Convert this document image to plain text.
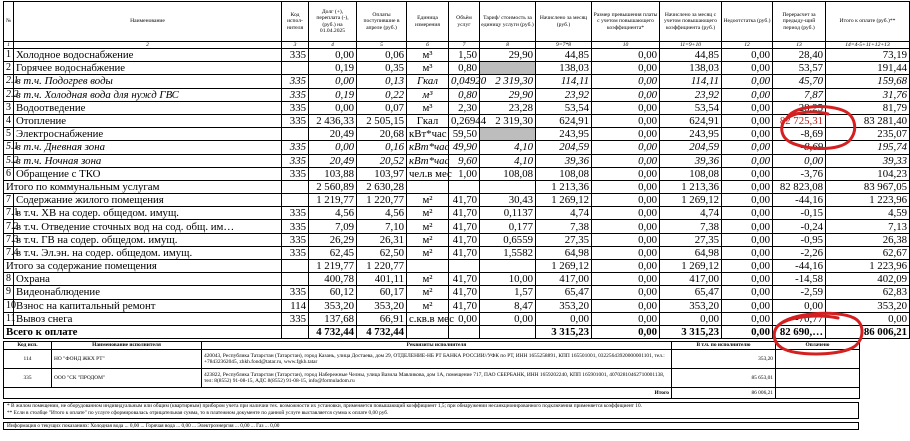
№	Наименование	Код испол-нителя	Долг (+), переплата (-), (руб.) на 01.04.2025	Оплаты поступившие в апреле (руб.)	Единица измерения	Объём услуг	Тариф/ стоимость за единицу услуги (руб.)	Начислено за месяц (руб.)	Размер превышения платы с учетом повышающего коэффициента*	Начислено за месяц с учетом повышающего коэффициента (руб.)	Недоотстатка (руб.)	Перерасчет за предыду-щий период (руб.)	Итого к оплате (руб.)**
1	2	3	4	5	6	7	8	9=7*8	10	11=9+10	12	13	14=4-5+11+12+13
1	Холодное водоснабжение	335	0,00	0,06	м³	1,50	29,90	44,85	0,00	44,85	0,00	28,40	73,19
2	Горячее водоснабжение		0,19	0,35	м³	0,80		138,03	0,00	138,03	0,00	53,57	191,44
2.1	в т.ч. Подогрев воды	335	0,00	0,13	Гкал	0,04920	2 319,30	114,11	0,00	114,11	0,00	45,70	159,68
2.2	в т.ч. Холодная вода для нужд ГВС	335	0,19	0,22	м³	0,80	29,90	23,92	0,00	23,92	0,00	7,87	31,76
3	Водоотведение	335	0,00	0,07	м³	2,30	23,28	53,54	0,00	53,54	0,00	28,25	81,79
4	Отопление	335	2 436,33	2 505,15	Гкал	0,26944	2 319,30	624,91	0,00	624,91	0,00	82 725,31	83 281,40
5	Электроснабжение		20,49	20,68	кВт*час	59,50		243,95	0,00	243,95	0,00	-8,69	235,07
5.1	в т.ч. Дневная зона	335	0,00	0,16	кВт*час	49,90	4,10	204,59	0,00	204,59	0,00	-8,69	195,74
5.2	в т.ч. Ночная зона	335	20,49	20,52	кВт*час	9,60	4,10	39,36	0,00	39,36	0,00	0,00	39,33
6	Обращение с ТКО	335	103,88	103,97	чел.в мес	1,00	108,08	108,08	0,00	108,08	0,00	-3,76	104,23
Итого по коммунальным услугам			2 560,89	2 630,28				1 213,36	0,00	1 213,36	0,00	82 823,08	83 967,05
7	Содержание жилого помещения		1 219,77	1 220,77	м²	41,70	30,43	1 269,12	0,00	1 269,12	0,00	-44,16	1 223,96
7.1	в т.ч. ХВ на содер. общедом. имущ.	335	4,56	4,56	м²	41,70	0,1137	4,74	0,00	4,74	0,00	-0,15	4,59
7.2	в т.ч. Отведение сточных вод на сод. общ. им…	335	7,09	7,10	м²	41,70	0,177	7,38	0,00	7,38	0,00	-0,24	7,13
7.3	в т.ч. ГВ на содер. общедом. имущ.	335	26,29	26,31	м²	41,70	0,6559	27,35	0,00	27,35	0,00	-0,95	26,38
7.4	в т.ч. Эл.эн. на содер. общедом. имущ.	335	62,45	62,50	м²	41,70	1,5582	64,98	0,00	64,98	0,00	-2,26	62,67
Итого за содержание помещения			1 219,77	1 220,77				1 269,12	0,00	1 269,12	0,00	-44,16	1 223,96
8	Охрана		400,78	401,11	м²	41,70	10,00	417,00	0,00	417,00	0,00	-14,58	402,09
9	Видеонаблюдение	335	60,12	60,17	м²	41,70	1,57	65,47	0,00	65,47	0,00	-2,59	62,83
10	Взнос на капитальный ремонт	114	353,20	353,20	м²	41,70	8,47	353,20	0,00	353,20	0,00	0,00	353,20
11	Вывоз снега	335	137,68	66,91	с.кв.в мес	0,00	0,00	0,00	0,00	0,00	0,00	-70,77	0,00
Всего к оплате			4 732,44	4 732,44				3 315,23	0,00	3 315,23	0,00	82 690,…	86 006,21
Код исп.	Наименование исполнителя	Реквизиты исполнителя	В т.ч. по исполнителю	Оплачено
114	НО "ФОНД ЖКХ РТ"	420043, Республика Татарстан (Татарстан), город Казань, улица Достаева, дом 29, ОТДЕЛЕНИЕ-НБ РТ БАНКА РОССИИ//УФК по РТ, ИНН 1655258891, КПП 165501001, 03225643920000001101, тел.: +78432362045, zhkh.fond@tatar.ru, www.fgkh.tatar	353,20	
335	ООО "СК "ПРОДОМ"	423822, Республика Татарстан (Татарстан), город Набережные Челны, улица Вазила Мавликова, дом 1А, помещение 717, ПАО СБЕРБАНК, ИНН 1659202240, КПП 165901001, 40702810462710001138, тел: 8(8552) 91-08-15, АДС 8(8552) 91-08-15, info@formuladom.ru	85 653,01	
Итого			86 006,21	
* В жилом помещении, не оборудованном индивидуальным или общим (квартирным) прибором учета при наличии тех. возможности их установки, применяется повышающий коэффициент 1,5; при обнаружении несанкционированного подключения применяется коэффициент 10.
** Если в столбце "Итого к оплате" по услуге сформировалась отрицательная сумма, то в платежном документе по данной услуге выставляется сумма к оплате 0,00 руб.
Информация о текущих показаниях: Холодная вода ... 0,00 ... Горячая вода ... 0,00 ... Электроэнергия ... 0,00 ... Газ ... 0,00
